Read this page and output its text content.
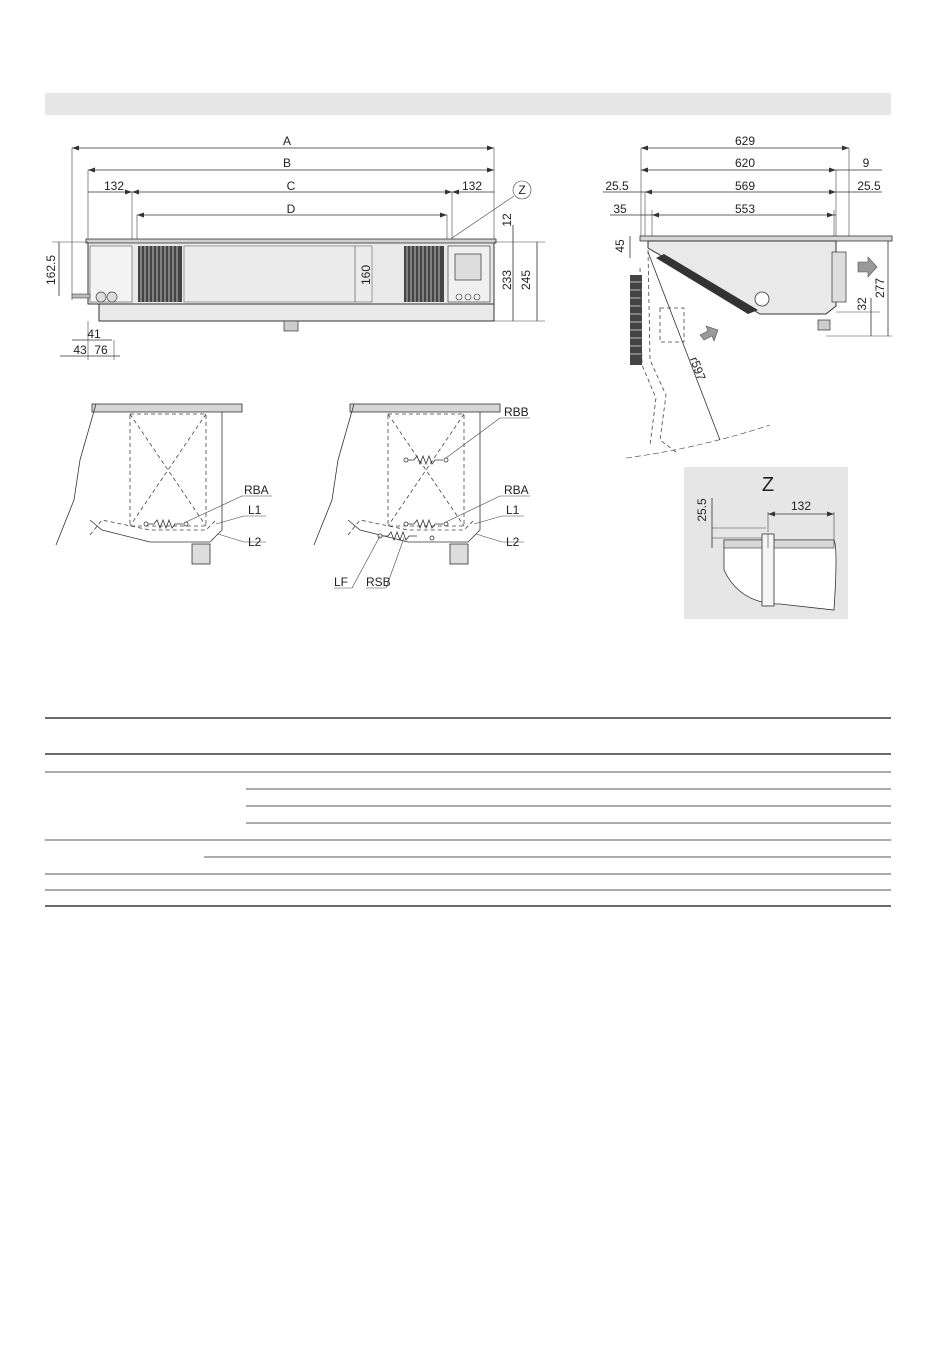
A
B
C
D
132	132	Z
160
12
233 245
162.5
41
43 76
629
620	9
25.5	569	25.5
35	553
45
32
277
r597
RBA
L1
L2
RBB
RBA
L1
L2
LF RSB
Z
25.5	132
